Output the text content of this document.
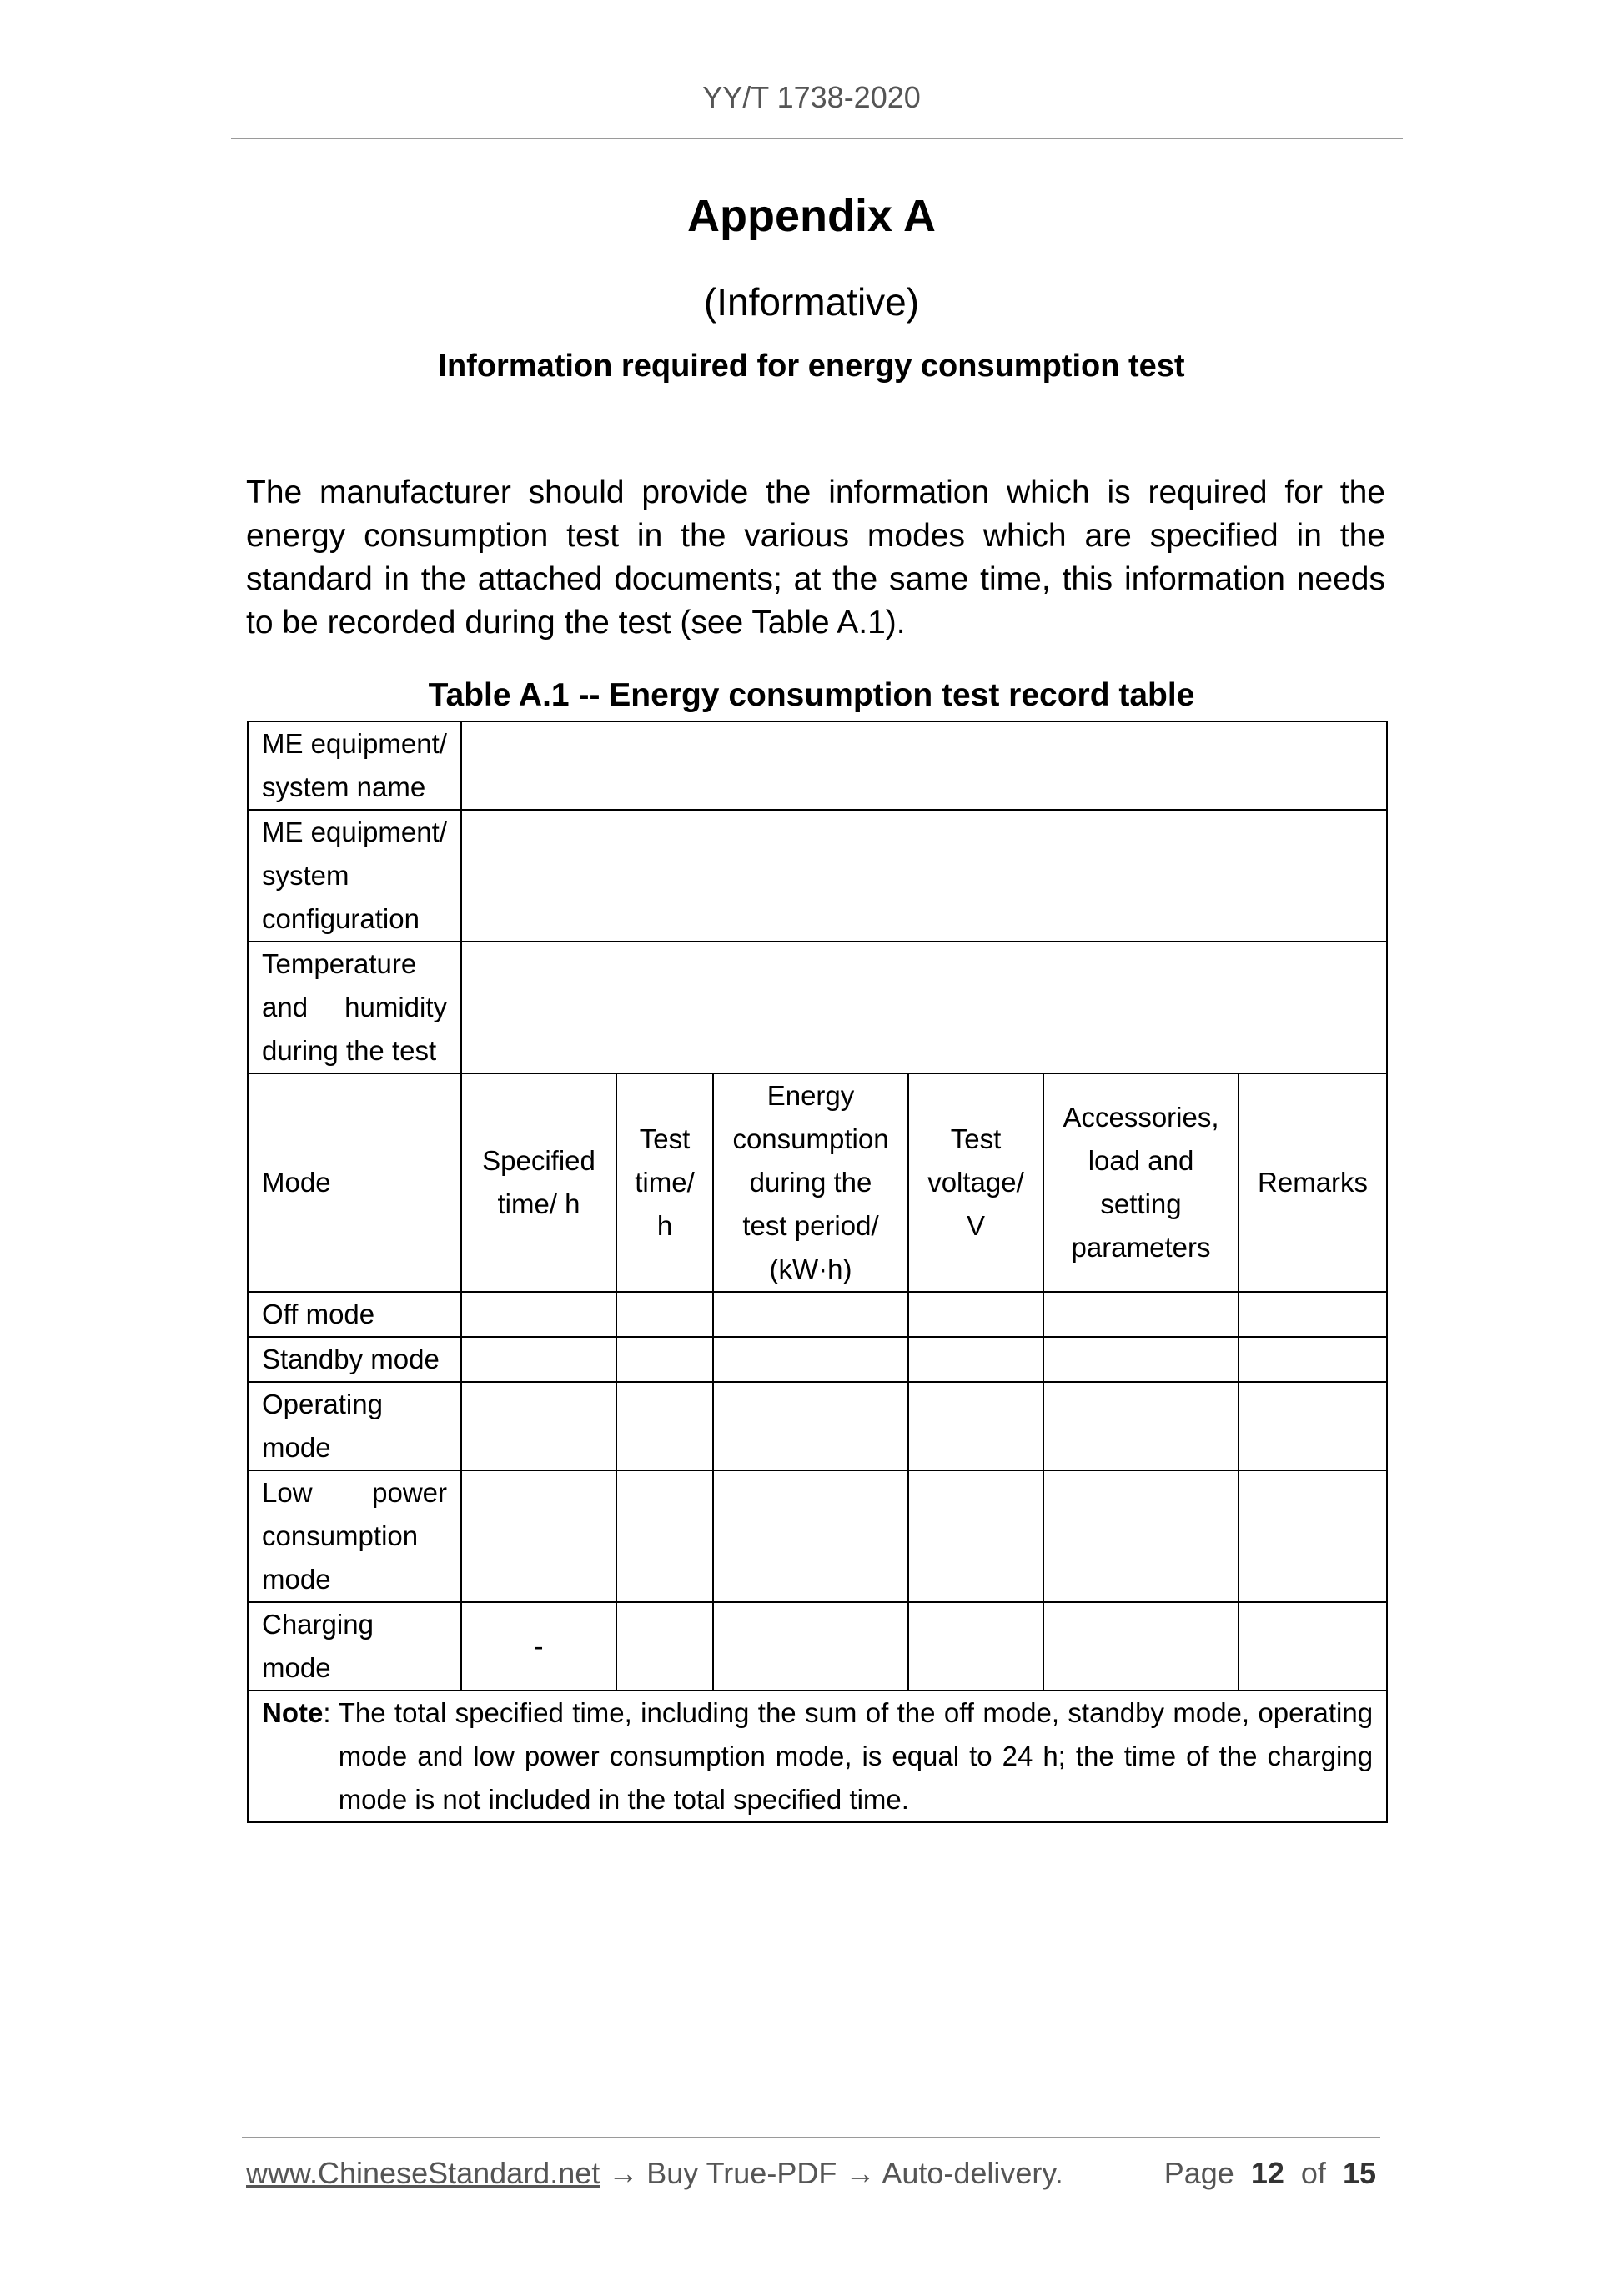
YY/T 1738-2020
Appendix A
(Informative)
Information required for energy consumption test

The manufacturer should provide the information which is required for the energy consumption test in the various modes which are specified in the standard in the attached documents; at the same time, this information needs to be recorded during the test (see Table A.1).

Table A.1 -- Energy consumption test record table
ME equipment/ system name						
ME equipment/ system configuration						
Temperature and humidity during the test						
Mode	Specified time/ h	Test time/ h	Energy consumption during the test period/ (kW·h)	Test voltage/ V	Accessories, load and setting parameters	Remarks
Off mode						
Standby mode						
Operating mode						
Low power consumption mode						
Charging mode	-					

Note: The total specified time, including the sum of the off mode, standby mode, operating mode and low power consumption mode, is equal to 24 h; the time of the charging mode is not included in the total specified time.						
www.ChineseStandard.net → Buy True-PDF → Auto-delivery.	Page 12 of 15
